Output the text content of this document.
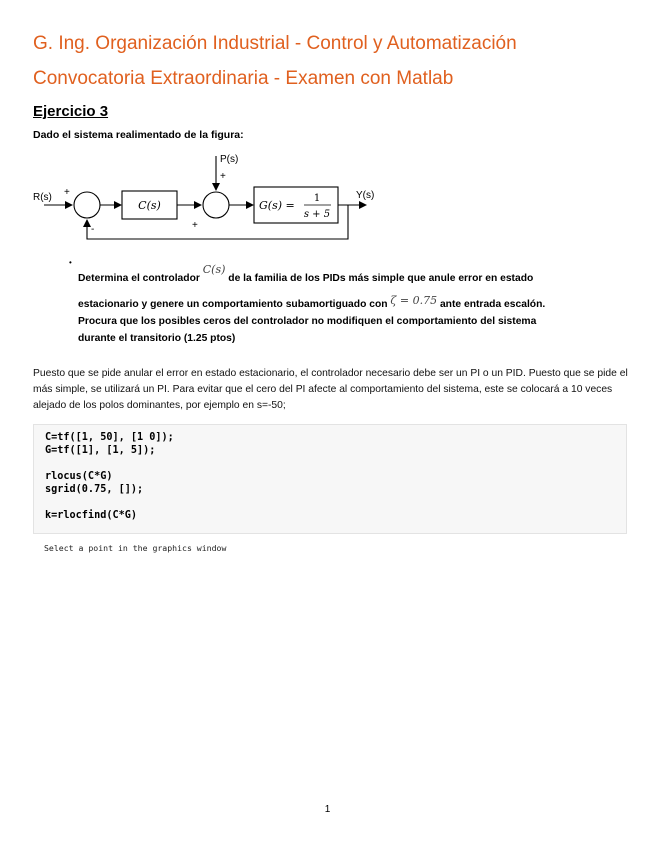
G. Ing. Organización Industrial - Control y Automatización
Convocatoria Extraordinaria - Examen con Matlab
Ejercicio 3
Dado el sistema realimentado de la figura:
R(s) +
-
P(s)
+
+
Y(s)
C(s)	G(s) =
1
s + 5
•
Determina el controlador C(s) de la familia de los PIDs más simple que anule error en estado
estacionario y genere un comportamiento subamortiguado con ζ = 0.75 ante entrada escalón.
Procura que los posibles ceros del controlador no modifiquen el comportamiento del sistema
durante el transitorio (1.25 ptos)
Puesto que se pide anular el error en estado estacionario, el controlador necesario debe ser un PI o un PID. Puesto que se pide el más simple, se utilizará un PI. Para evitar que el cero del PI afecte al comportamiento del sistema, este se colocará a 10 veces alejado de los polos dominantes, por ejemplo en s=-50;
C=tf([1, 50], [1 0]);
G=tf([1], [1, 5]);
rlocus(C*G)
sgrid(0.75, []);
k=rlocfind(C*G)
Select a point in the graphics window
1
